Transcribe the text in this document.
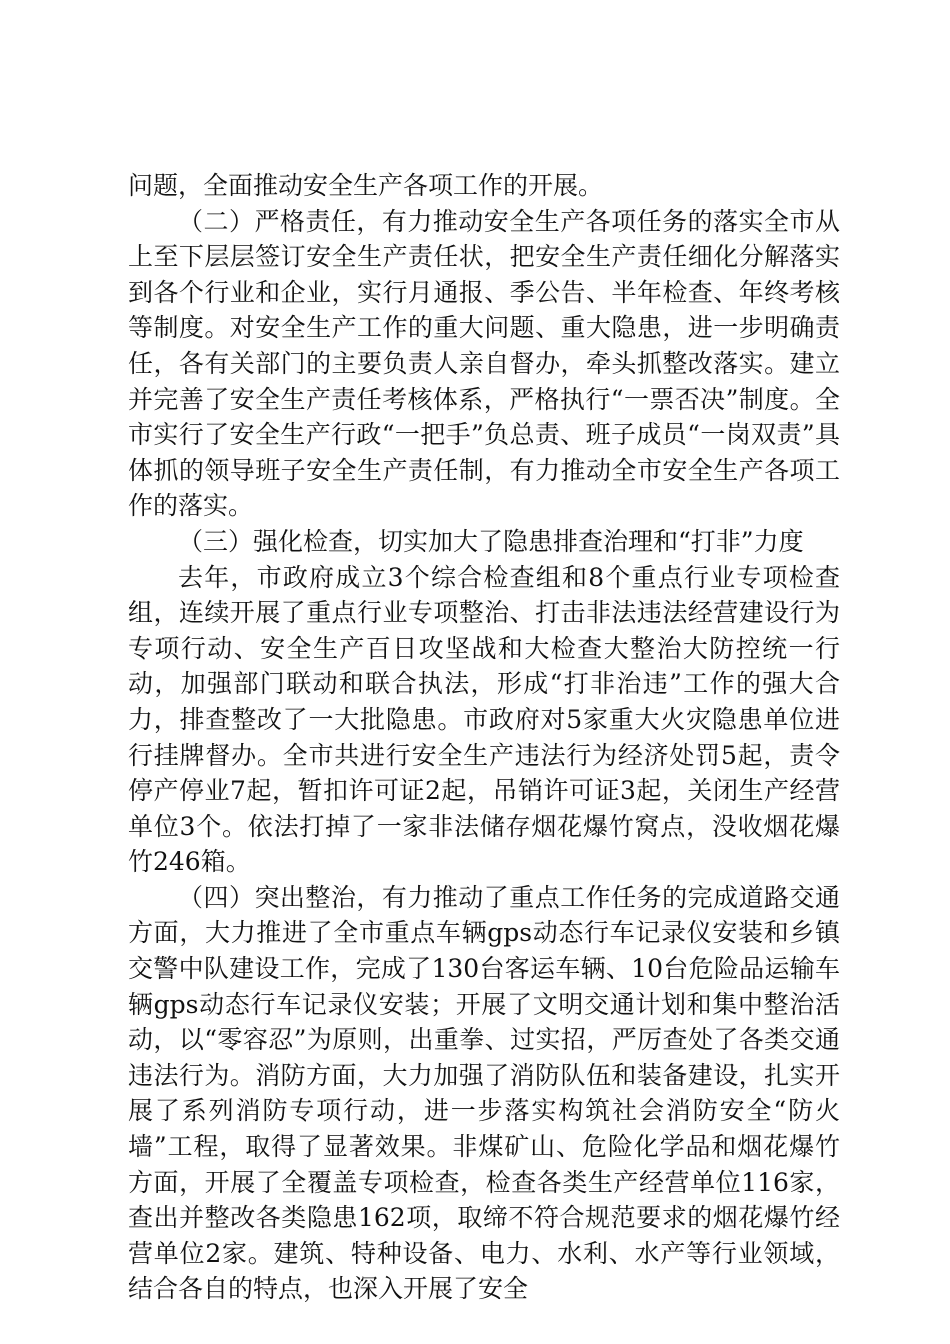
问题，全面推动安全生产各项工作的开展。

（二）严格责任，有力推动安全生产各项任务的落实全市从上至下层层签订安全生产责任状，把安全生产责任细化分解落实到各个行业和企业，实行月通报、季公告、半年检查、年终考核等制度。对安全生产工作的重大问题、重大隐患，进一步明确责任，各有关部门的主要负责人亲自督办，牵头抓整改落实。建立并完善了安全生产责任考核体系，严格执行“一票否决”制度。全市实行了安全生产行政“一把手”负总责、班子成员“一岗双责”具体抓的领导班子安全生产责任制，有力推动全市安全生产各项工作的落实。

（三）强化检查，切实加大了隐患排查治理和“打非”力度

去年，市政府成立3个综合检查组和8个重点行业专项检查组，连续开展了重点行业专项整治、打击非法违法经营建设行为专项行动、安全生产百日攻坚战和大检查大整治大防控统一行动，加强部门联动和联合执法，形成“打非治违”工作的强大合力，排查整改了一大批隐患。市政府对5家重大火灾隐患单位进行挂牌督办。全市共进行安全生产违法行为经济处罚5起，责令停产停业7起，暂扣许可证2起，吊销许可证3起，关闭生产经营单位3个。依法打掉了一家非法储存烟花爆竹窝点，没收烟花爆竹246箱。

（四）突出整治，有力推动了重点工作任务的完成道路交通方面，大力推进了全市重点车辆gps动态行车记录仪安装和乡镇交警中队建设工作，完成了130台客运车辆、10台危险品运输车辆gps动态行车记录仪安装；开展了文明交通计划和集中整治活动，以“零容忍”为原则，出重拳、过实招，严厉查处了各类交通违法行为。消防方面，大力加强了消防队伍和装备建设，扎实开展了系列消防专项行动，进一步落实构筑社会消防安全“防火墙”工程，取得了显著效果。非煤矿山、危险化学品和烟花爆竹方面，开展了全覆盖专项检查，检查各类生产经营单位116家，查出并整改各类隐患162项，取缔不符合规范要求的烟花爆竹经营单位2家。建筑、特种设备、电力、水利、水产等行业领域，结合各自的特点，也深入开展了安全
